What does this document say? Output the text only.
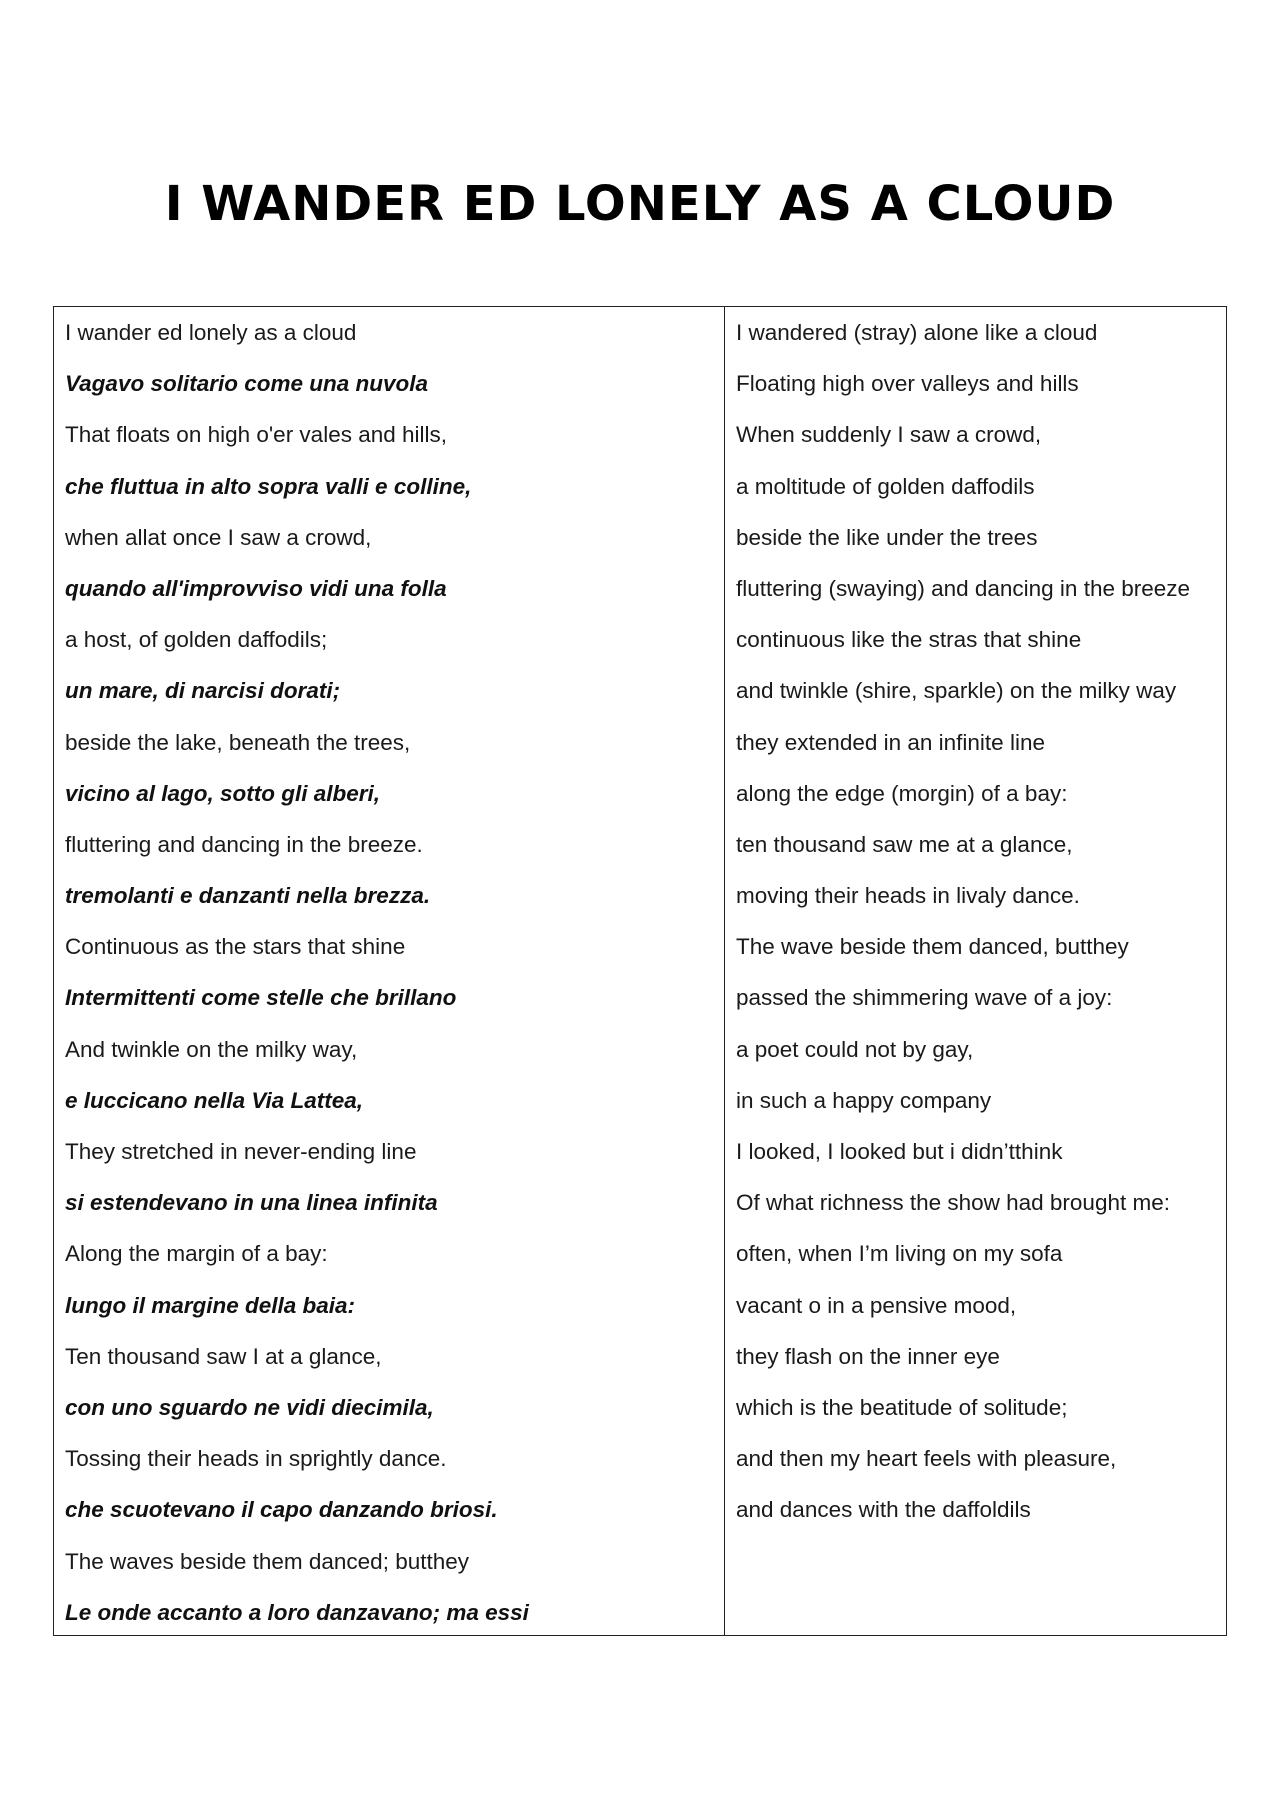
I WANDER ED LONELY AS A CLOUD
I wander ed lonely as a cloud
Vagavo solitario come una nuvola
That floats on high o'er vales and hills,
che fluttua in alto sopra valli e colline,
when allat once I saw a crowd,
quando all'improvviso vidi una folla
a host, of golden daffodils;
un mare, di narcisi dorati;
beside the lake, beneath the trees,
vicino al lago, sotto gli alberi,
fluttering and dancing in the breeze.
tremolanti e danzanti nella brezza.
Continuous as the stars that shine
Intermittenti come stelle che brillano
And twinkle on the milky way,
e luccicano nella Via Lattea,
They stretched in never-ending line
si estendevano in una linea infinita
Along the margin of a bay:
lungo il margine della baia:
Ten thousand saw I at a glance,
con uno sguardo ne vidi diecimila,
Tossing their heads in sprightly dance.
che scuotevano il capo danzando briosi.
The waves beside them danced; butthey
Le onde accanto a loro danzavano; ma essi
I wandered (stray) alone like a cloud
Floating high over valleys and hills
When suddenly I saw a crowd,
a moltitude of golden daffodils
beside the like under the trees
fluttering (swaying) and dancing in the breeze
continuous like the stras that shine
and twinkle (shire, sparkle) on the milky way
they extended in an infinite line
along the edge (morgin) of a bay:
ten thousand saw me at a glance,
moving their heads in livaly dance.
The wave beside them danced, butthey
passed the shimmering wave of a joy:
a poet could not by gay,
in such a happy company
I looked, I looked but i didn’tthink
Of what richness the show had brought me:
often, when I’m living on my sofa
vacant o in a pensive mood,
they flash on the inner eye
which is the beatitude of solitude;
and then my heart feels with pleasure,
and dances with the daffoldils
